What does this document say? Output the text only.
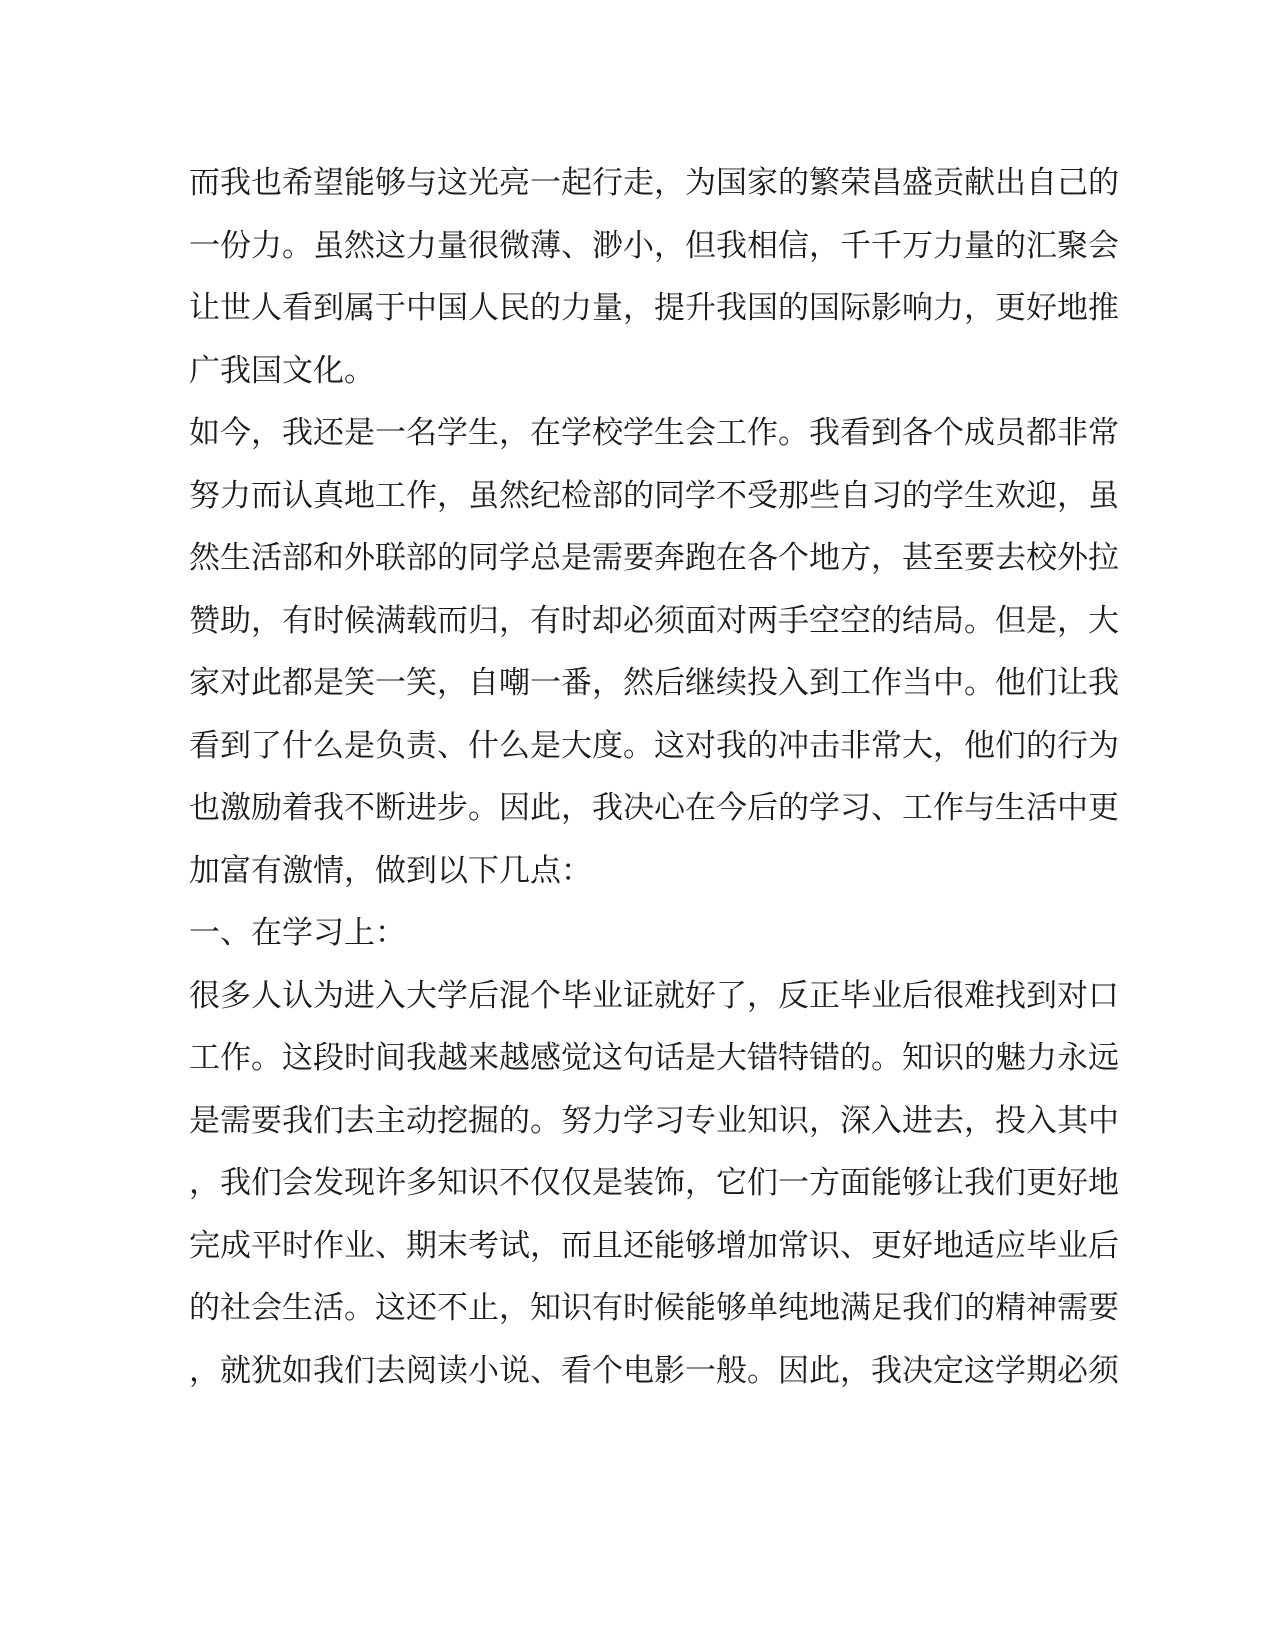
而我也希望能够与这光亮一起行走，为国家的繁荣昌盛贡献出自己的
一份力。虽然这力量很微薄、渺小，但我相信，千千万力量的汇聚会
让世人看到属于中国人民的力量，提升我国的国际影响力，更好地推
广我国文化。
如今，我还是一名学生，在学校学生会工作。我看到各个成员都非常
努力而认真地工作，虽然纪检部的同学不受那些自习的学生欢迎，虽
然生活部和外联部的同学总是需要奔跑在各个地方，甚至要去校外拉
赞助，有时候满载而归，有时却必须面对两手空空的结局。但是，大
家对此都是笑一笑，自嘲一番，然后继续投入到工作当中。他们让我
看到了什么是负责、什么是大度。这对我的冲击非常大，他们的行为
也激励着我不断进步。因此，我决心在今后的学习、工作与生活中更
加富有激情，做到以下几点：
一、在学习上：
很多人认为进入大学后混个毕业证就好了，反正毕业后很难找到对口
工作。这段时间我越来越感觉这句话是大错特错的。知识的魅力永远
是需要我们去主动挖掘的。努力学习专业知识，深入进去，投入其中
，我们会发现许多知识不仅仅是装饰，它们一方面能够让我们更好地
完成平时作业、期末考试，而且还能够增加常识、更好地适应毕业后
的社会生活。这还不止，知识有时候能够单纯地满足我们的精神需要
，就犹如我们去阅读小说、看个电影一般。因此，我决定这学期必须
